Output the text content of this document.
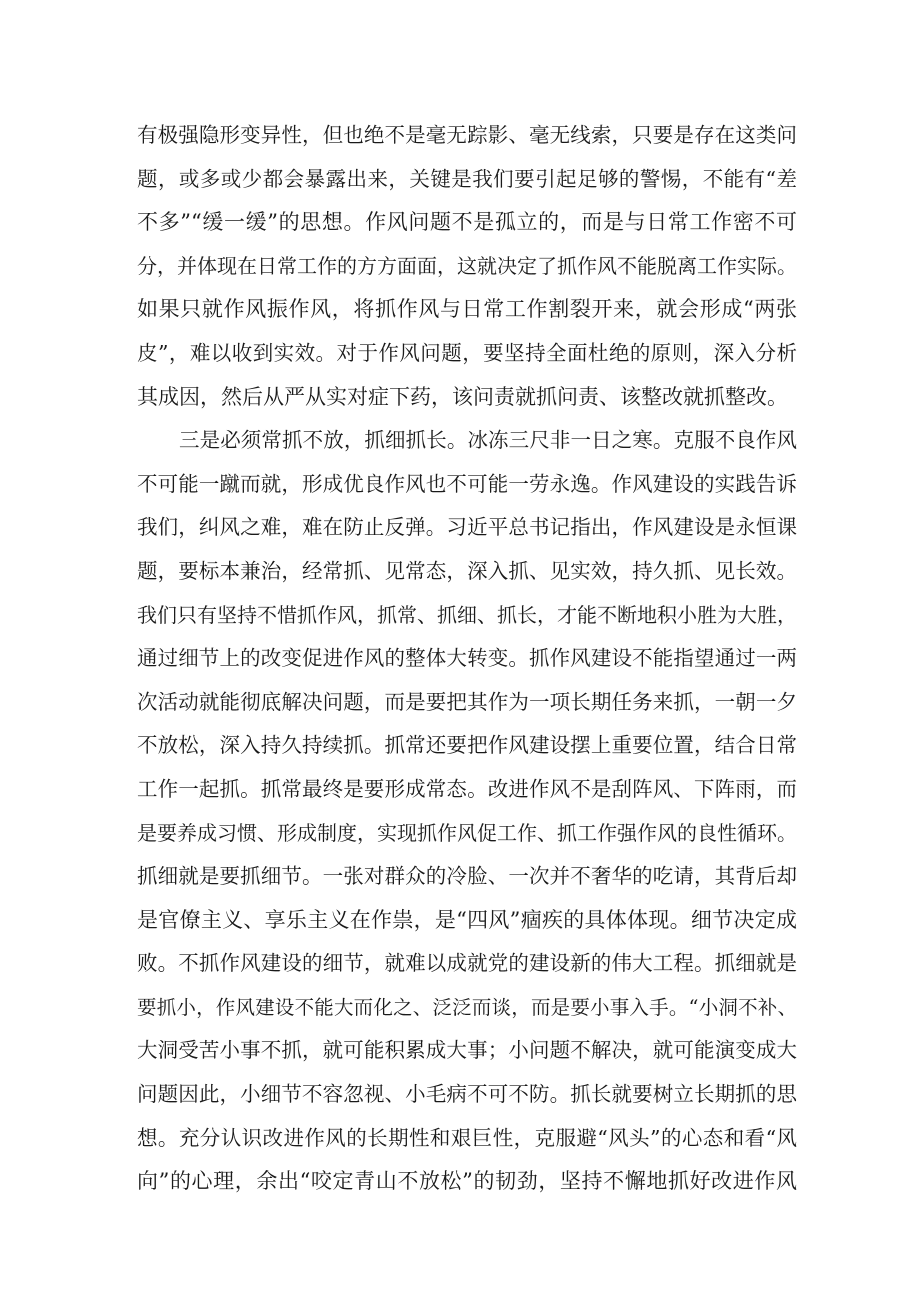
有极强隐形变异性，但也绝不是毫无踪影、毫无线索，只要是存在这类问
题，或多或少都会暴露出来，关键是我们要引起足够的警惕，不能有“差
不多”“缓一缓”的思想。作风问题不是孤立的，而是与日常工作密不可
分，并体现在日常工作的方方面面，这就决定了抓作风不能脱离工作实际。
如果只就作风振作风，将抓作风与日常工作割裂开来，就会形成“两张
皮”，难以收到实效。对于作风问题，要坚持全面杜绝的原则，深入分析
其成因，然后从严从实对症下药，该问责就抓问责、该整改就抓整改。
三是必须常抓不放，抓细抓长。冰冻三尺非一日之寒。克服不良作风
不可能一蹴而就，形成优良作风也不可能一劳永逸。作风建设的实践告诉
我们，纠风之难，难在防止反弹。习近平总书记指出，作风建设是永恒课
题，要标本兼治，经常抓、见常态，深入抓、见实效，持久抓、见长效。
我们只有坚持不惜抓作风，抓常、抓细、抓长，才能不断地积小胜为大胜，
通过细节上的改变促进作风的整体大转变。抓作风建设不能指望通过一两
次活动就能彻底解决问题，而是要把其作为一项长期任务来抓，一朝一夕
不放松，深入持久持续抓。抓常还要把作风建设摆上重要位置，结合日常
工作一起抓。抓常最终是要形成常态。改进作风不是刮阵风、下阵雨，而
是要养成习惯、形成制度，实现抓作风促工作、抓工作强作风的良性循环。
抓细就是要抓细节。一张对群众的冷脸、一次并不奢华的吃请，其背后却
是官僚主义、享乐主义在作祟，是“四风”痼疾的具体体现。细节决定成
败。不抓作风建设的细节，就难以成就党的建设新的伟大工程。抓细就是
要抓小，作风建设不能大而化之、泛泛而谈，而是要小事入手。“小洞不补、
大洞受苦小事不抓，就可能积累成大事；小问题不解决，就可能演变成大
问题因此，小细节不容忽视、小毛病不可不防。抓长就要树立长期抓的思
想。充分认识改进作风的长期性和艰巨性，克服避“风头”的心态和看“风
向”的心理，余出“咬定青山不放松”的韧劲，坚持不懈地抓好改进作风
